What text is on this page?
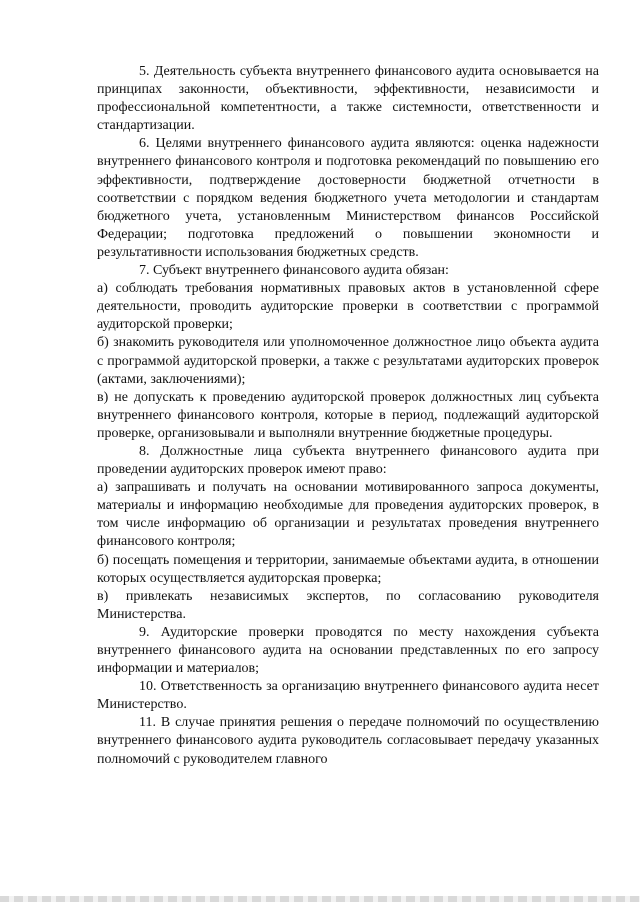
5. Деятельность субъекта внутреннего финансового аудита основывается на принципах законности, объективности, эффективности, независимости и профессиональной компетентности, а также системности, ответственности и стандартизации.

6. Целями внутреннего финансового аудита являются: оценка надежности внутреннего финансового контроля и подготовка рекомендаций по повышению его эффективности, подтверждение достоверности бюджетной отчетности в соответствии с порядком ведения бюджетного учета методологии и стандартам бюджетного учета, установленным Министерством финансов Российской Федерации; подготовка предложений о повышении экономности и результативности использования бюджетных средств.

7. Субъект внутреннего финансового аудита обязан:

а) соблюдать требования нормативных правовых актов в установленной сфере деятельности, проводить аудиторские проверки в соответствии с программой аудиторской проверки;

б) знакомить руководителя или уполномоченное должностное лицо объекта аудита с программой аудиторской проверки, а также с результатами аудиторских проверок (актами, заключениями);

в) не допускать к проведению аудиторской проверок должностных лиц субъекта внутреннего финансового контроля, которые в период, подлежащий аудиторской проверке, организовывали и выполняли внутренние бюджетные процедуры.

8. Должностные лица субъекта внутреннего финансового аудита при проведении аудиторских проверок имеют право:

а) запрашивать и получать на основании мотивированного запроса документы, материалы и информацию необходимые для проведения аудиторских проверок, в том числе информацию об организации и результатах проведения внутреннего финансового контроля;

б) посещать помещения и территории, занимаемые объектами аудита, в отношении которых осуществляется аудиторская проверка;

в) привлекать независимых экспертов, по согласованию руководителя Министерства.

9. Аудиторские проверки проводятся по месту нахождения субъекта внутреннего финансового аудита на основании представленных по его запросу информации и материалов;

10. Ответственность за организацию внутреннего финансового аудита несет Министерство.

11. В случае принятия решения о передаче полномочий по осуществлению внутреннего финансового аудита руководитель согласовывает передачу указанных полномочий с руководителем главного
